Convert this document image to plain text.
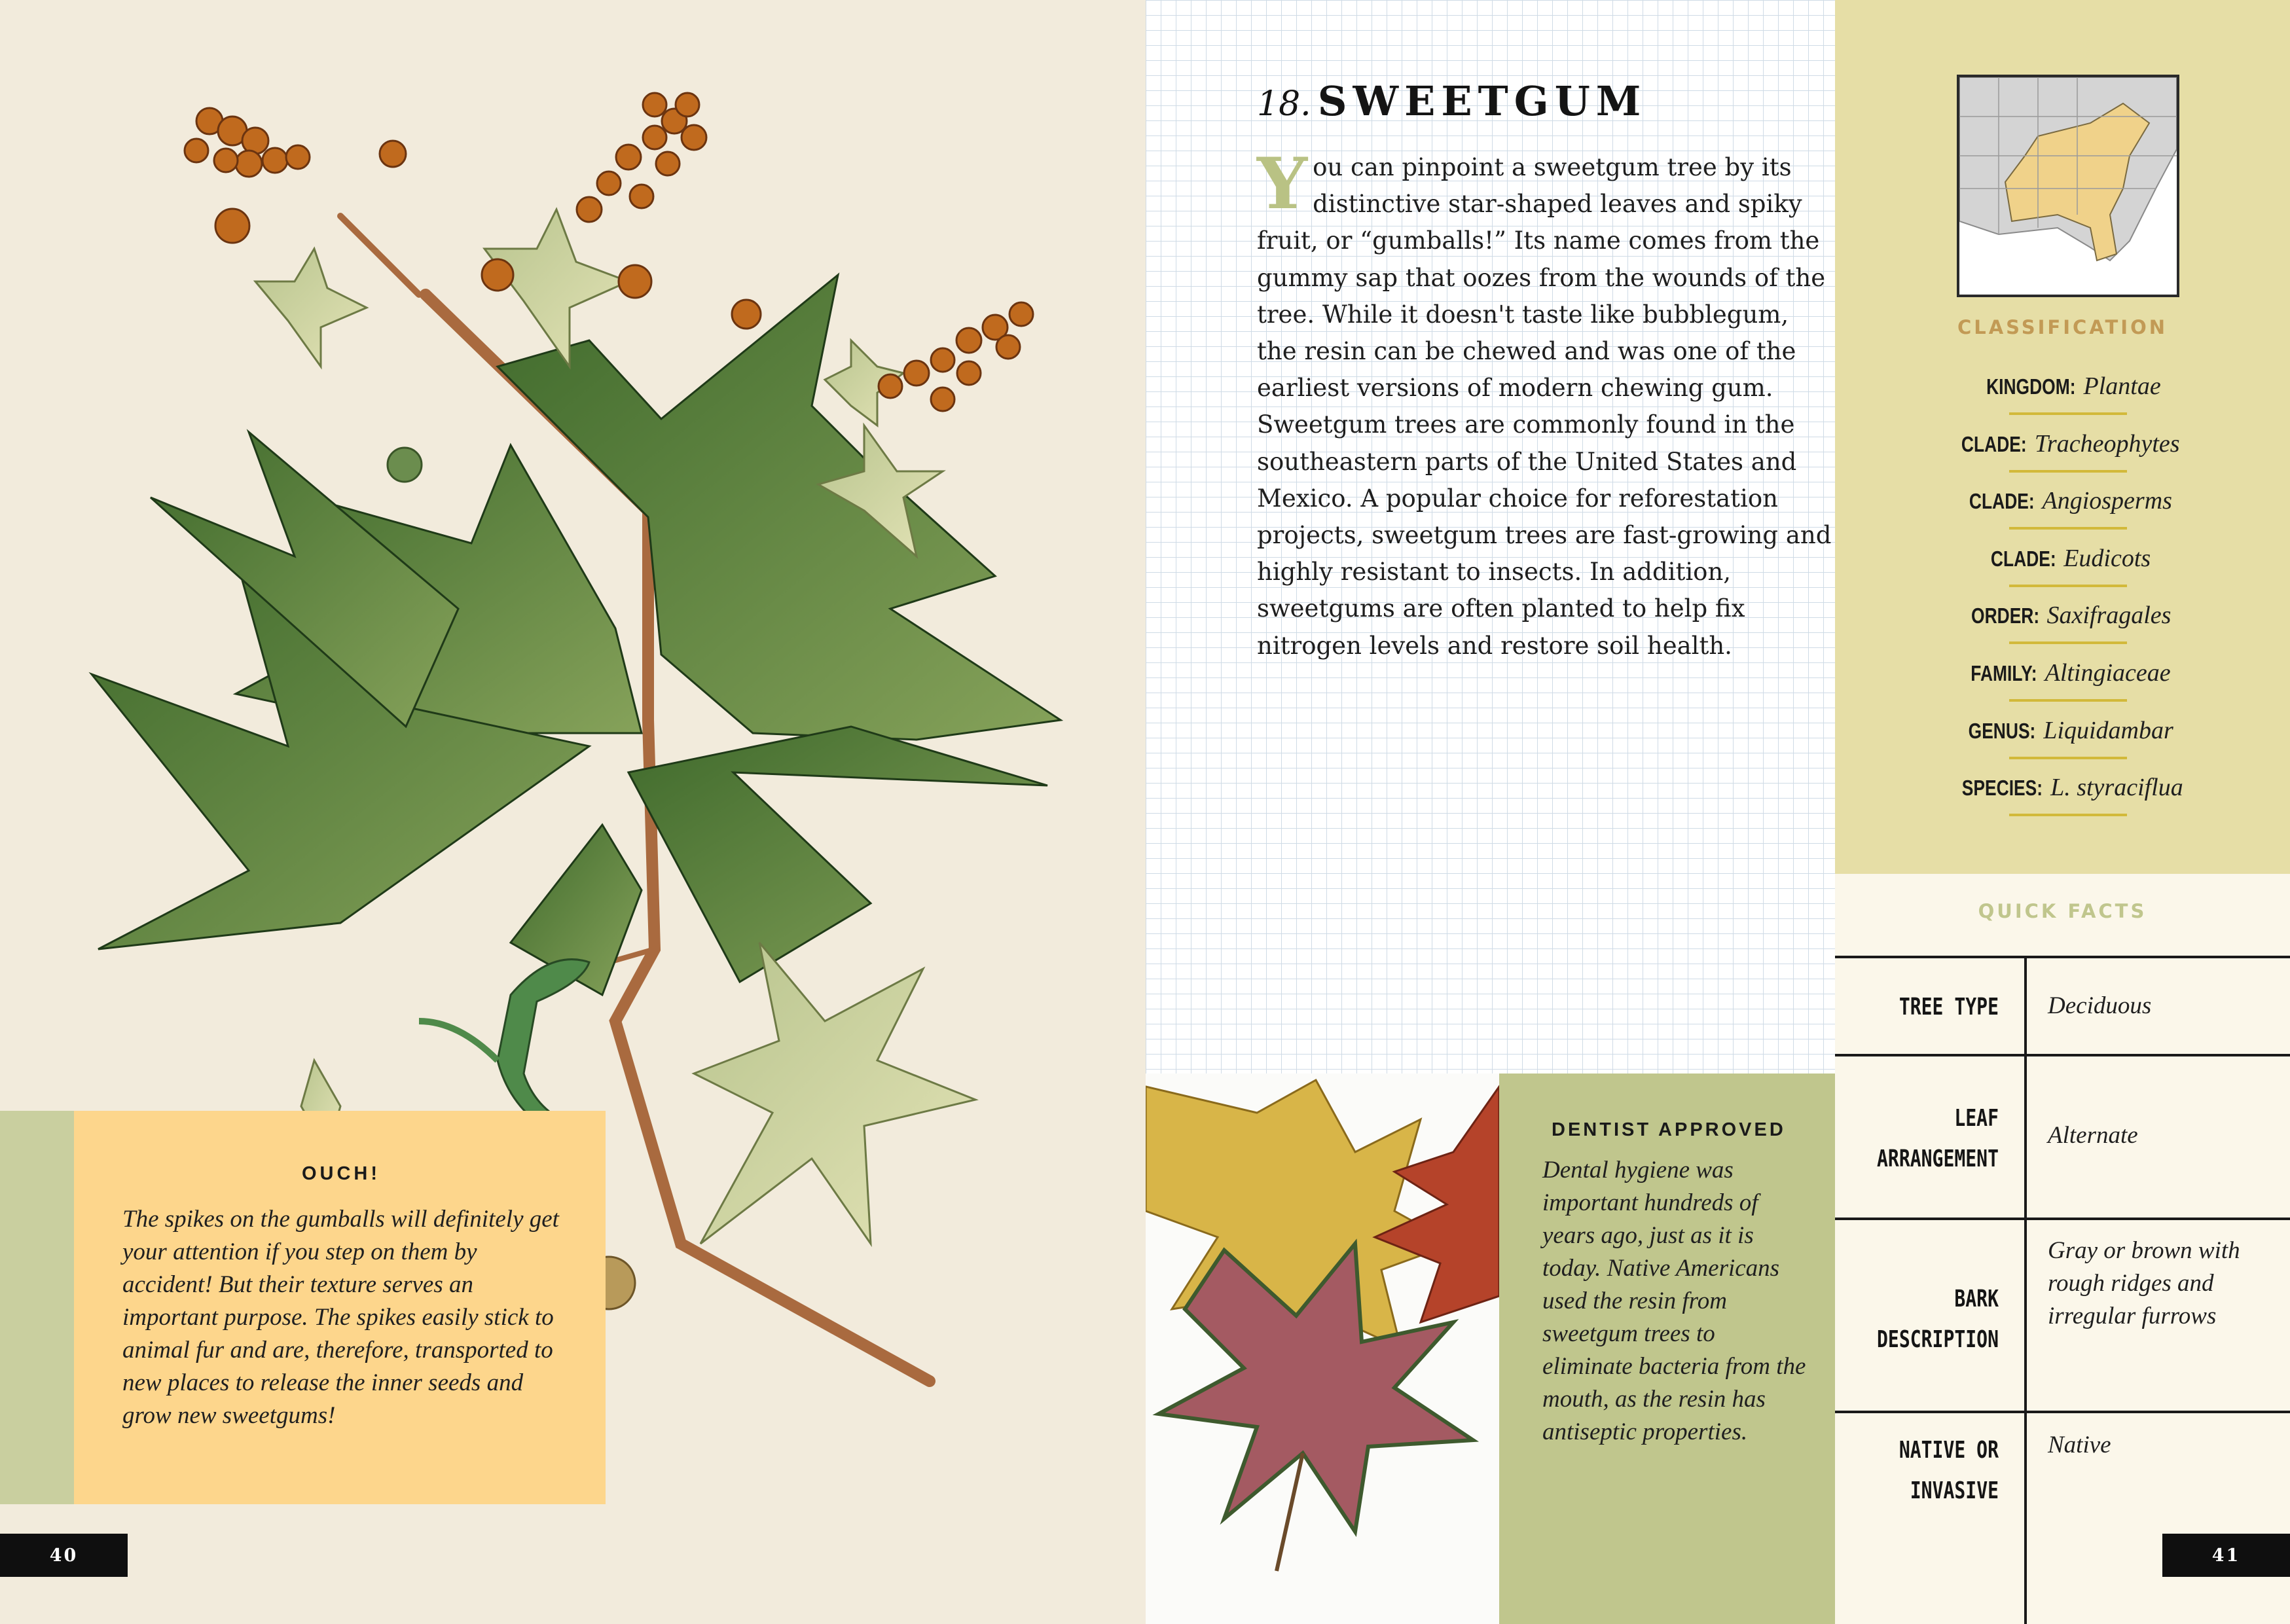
OUCH!

The spikes on the gumballs will definitely get your attention if you step on them by accident! But their texture serves an important purpose. The spikes easily stick to animal fur and are, therefore, transported to new places to release the inner seeds and grow new sweetgums!

40
18. SWEETGUM

You can pinpoint a sweetgum tree by its distinctive star-shaped leaves and spiky fruit, or “gumballs!” Its name comes from the gummy sap that oozes from the wounds of the tree. While it doesn't taste like bubblegum, the resin can be chewed and was one of the earliest versions of modern chewing gum. Sweetgum trees are commonly found in the southeastern parts of the United States and Mexico. A popular choice for reforestation projects, sweetgum trees are fast-growing and highly resistant to insects. In addition, sweetgums are often planted to help fix nitrogen levels and restore soil health.

DENTIST APPROVED

Dental hygiene was important hundreds of years ago, just as it is today. Native Americans used the resin from sweetgum trees to eliminate bacteria from the mouth, as the resin has antiseptic properties.

CLASSIFICATION

KINGDOM: Plantae
CLADE: Tracheophytes
CLADE: Angiosperms
CLADE: Eudicots
ORDER: Saxifragales
FAMILY: Altingiaceae
GENUS: Liquidambar
SPECIES: L. styraciflua

QUICK FACTS

TREE TYPE Deciduous
LEAF
ARRANGEMENT
Alternate
BARK
DESCRIPTION
Gray or brown with rough ridges and irregular furrows
NATIVE OR
INVASIVE
Native
41
